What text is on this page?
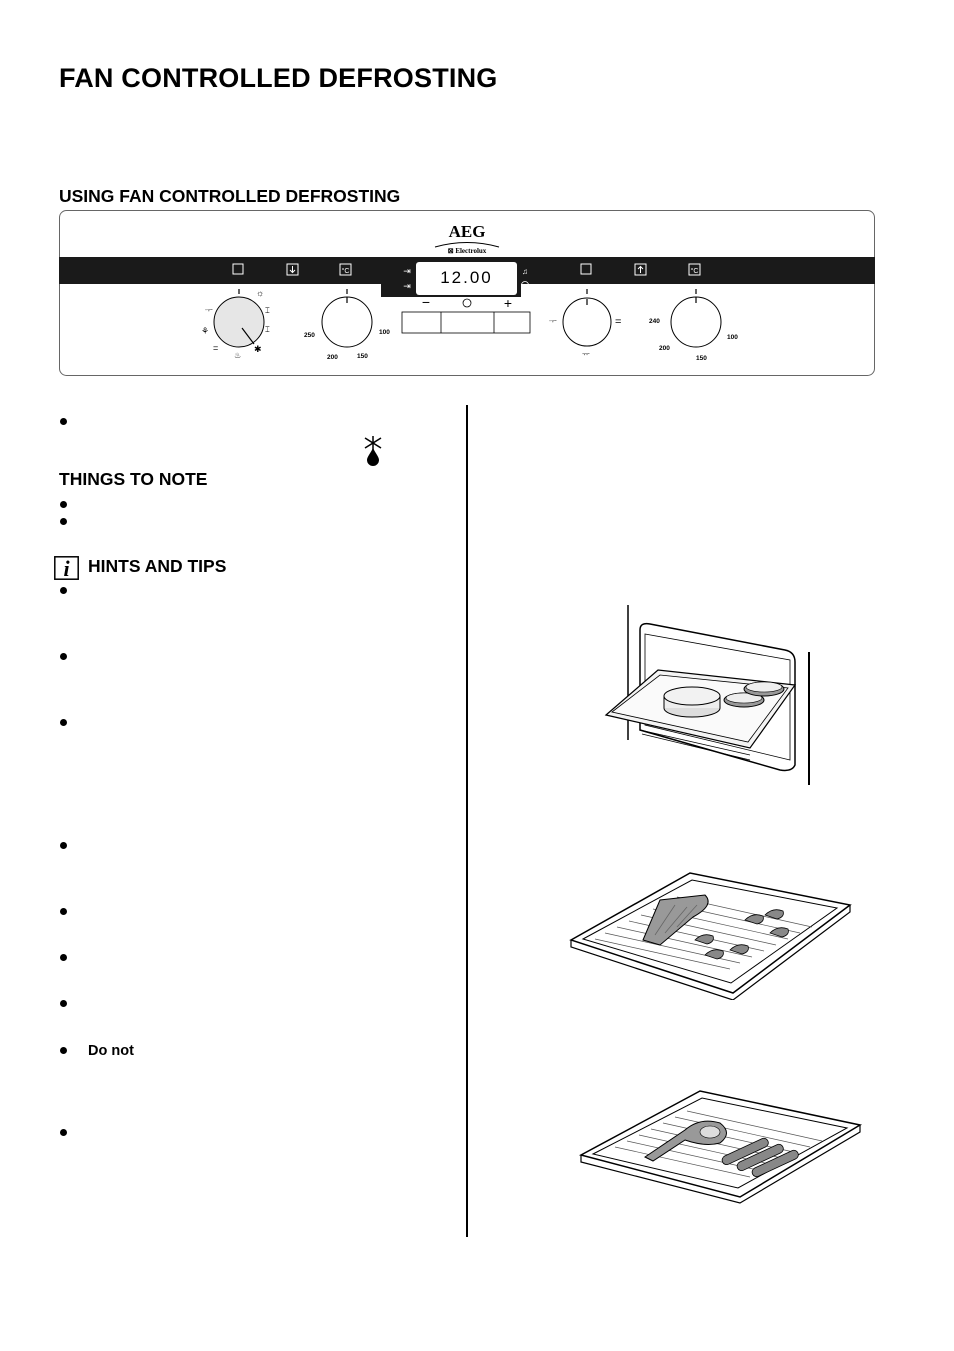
FAN CONTROLLED DEFROSTING
USING FAN CONTROLLED DEFROSTING
AEG
⊠ Electrolux
°C	°C
⇥
⇥
♫
12.00
−	+
ᅮ
☼
⌶
⌶
⚘
=
♨
✱
250
200	150
100
ᅮ	=
ᅲ
240
200
150
100
THINGS TO NOTE
i HINTS AND TIPS
Do not
